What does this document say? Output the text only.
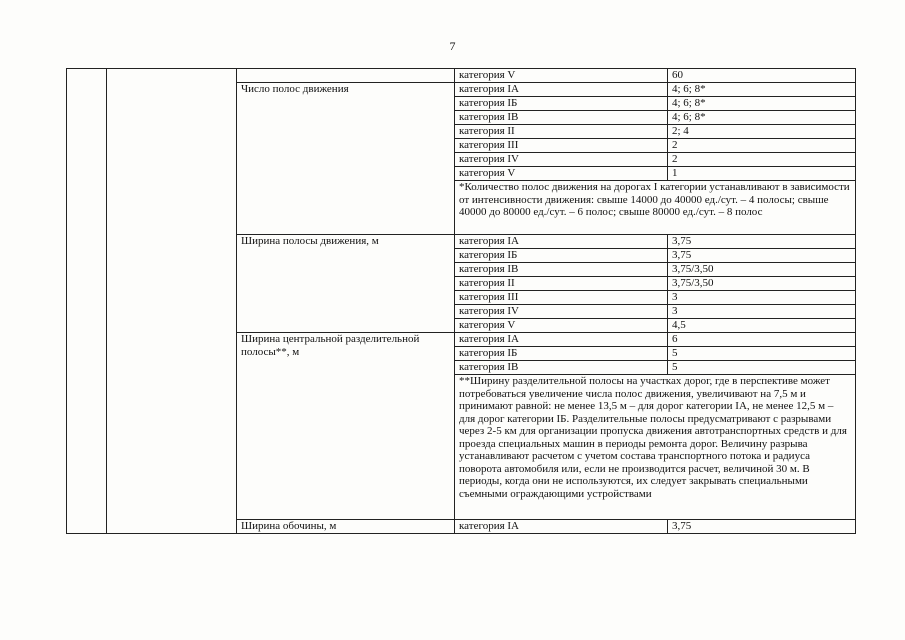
7
			категория V	60
		Число полос движения	категория IA	4; 6; 8*
			категория IБ	4; 6; 8*
			категория IB	4; 6; 8*
			категория II	2; 4
			категория III	2
			категория IV	2
			категория V	1
			*Количество полос движения на дорогах I категории устанавливают в зависимости от интенсивности движения: свыше 14000 до 40000 ед./сут. – 4 полосы; свыше 40000 до 80000 ед./сут. – 6 полос; свыше 80000 ед./сут. – 8 полос	
		Ширина полосы движения, м	категория IA	3,75
			категория IБ	3,75
			категория IB	3,75/3,50
			категория II	3,75/3,50
			категория III	3
			категория IV	3
			категория V	4,5
		Ширина центральной разделительной полосы**, м	категория IA	6
			категория IБ	5
			категория IB	5
			**Ширину разделительной полосы на участках дорог, где в перспективе может потребоваться увеличение числа полос движения, увеличивают на 7,5 м и принимают равной: не менее 13,5 м – для дорог категории IA, не менее 12,5 м – для дорог категории IБ. Разделительные полосы предусматривают с разрывами через 2-5 км для организации пропуска движения автотранспортных средств и для проезда специальных машин в периоды ремонта дорог. Величину разрыва устанавливают расчетом с учетом состава транспортного потока и радиуса поворота автомобиля или, если не производится расчет, величиной 30 м. В периоды, когда они не используются, их следует закрывать специальными съемными ограждающими устройствами	
		Ширина обочины, м	категория IA	3,75
